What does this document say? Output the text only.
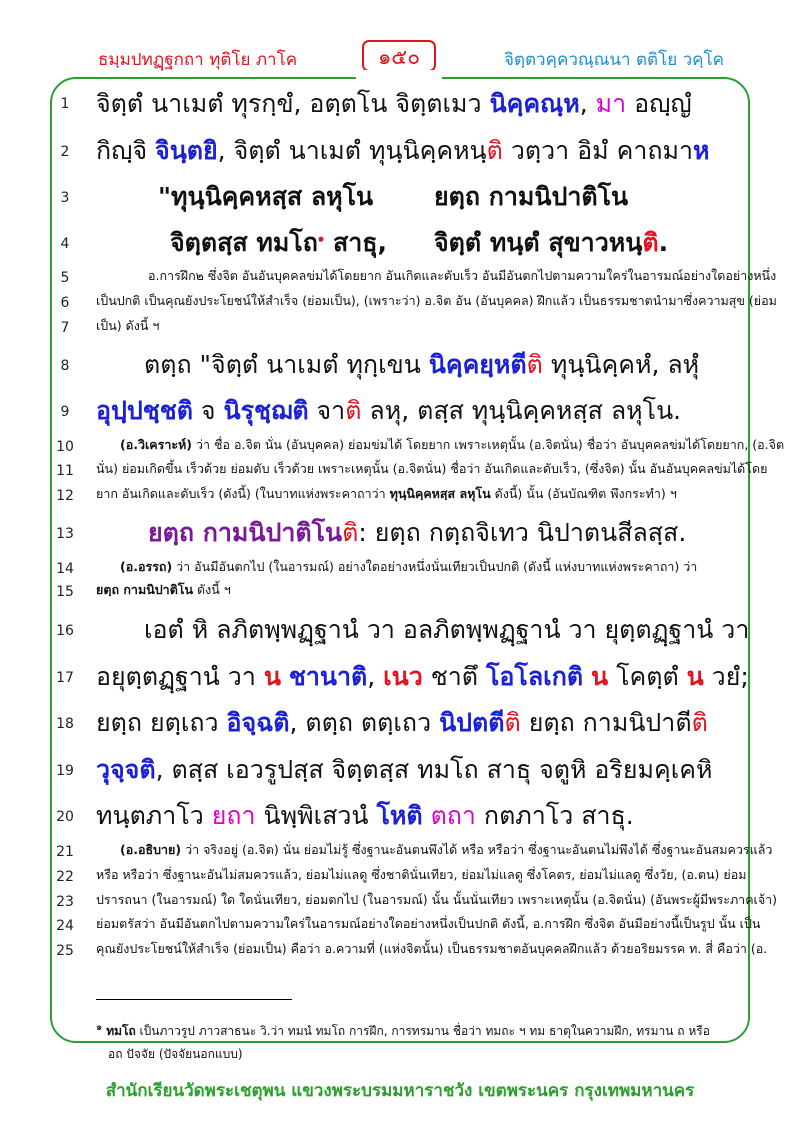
ธมฺมปทฏฺฐกถา ทุติโย ภาโค	๑๕๐	จิตฺตวคฺควณฺณนา ตติโย วคฺโค
1
2
3
4
5
6
7
8
9
10
11
12
13
14
15
16
17
18
19
20
21
22
23
24
25
จิตฺตํ นาเมตํ ทุรกฺขํ, อตฺตโน จิตฺตเมว นิคฺคณฺห, มา อญฺญํ
กิญฺจิ จินฺตยิ, จิตฺตํ นาเมตํ ทุนฺนิคฺคหนฺติ วตฺวา อิมํ คาถมาห
"ทุนฺนิคฺคหสฺส ลหุโน ยตฺถ กามนิปาติโน
จิตฺตสฺส ทมโถ$^๑$ สาธุ, จิตฺตํ ทนฺตํ สุขาวหนฺติ.
อ.การฝึก๒ ซึ่งจิต อันอันบุคคลข่มได้โดยยาก อันเกิดและดับเร็ว อันมีอันตกไปตามความใคร่ในอารมณ์อย่างใดอย่างหนึ่ง
เป็นปกติ เป็นคุณยังประโยชน์ให้สำเร็จ (ย่อมเป็น), (เพราะว่า) อ.จิต อัน (อันบุคคล) ฝึกแล้ว เป็นธรรมชาตนำมาซึ่งความสุข (ย่อม
เป็น) ดังนี้ ฯ
ตตฺถ "จิตฺตํ นาเมตํ ทุกฺเขน นิคฺคยฺหตีติ ทุนฺนิคฺคหํ, ลหุํ
อุปฺปชฺชติ จ นิรุชฺฌติ จาติ ลหุ, ตสฺส ทุนฺนิคฺคหสฺส ลหุโน.
(อ.วิเคราะห์) ว่า ชื่อ อ.จิต นั่น (อันบุคคล) ย่อมข่มได้ โดยยาก เพราะเหตุนั้น (อ.จิตนั่น) ชื่อว่า อันบุคคลข่มได้โดยยาก, (อ.จิต
นั่น) ย่อมเกิดขึ้น เร็วด้วย ย่อมดับ เร็วด้วย เพราะเหตุนั้น (อ.จิตนั่น) ชื่อว่า อันเกิดและดับเร็ว, (ซึ่งจิต) นั้น อันอันบุคคลข่มได้โดย
ยาก อันเกิดและดับเร็ว (ดังนี้) (ในบาทแห่งพระคาถาว่า ทุนฺนิคฺคหสฺส ลหุโน ดังนี้) นั้น (อันบัณฑิต พึงกระทำ) ฯ
ยตฺถ กามนิปาติโนติ: ยตฺถ กตฺถจิเทว นิปาตนสีลสฺส.
(อ.อรรถ) ว่า อันมีอันตกไป (ในอารมณ์) อย่างใดอย่างหนึ่งนั่นเทียวเป็นปกติ (ดังนี้ แห่งบาทแห่งพระคาถา) ว่า
ยตฺถ กามนิปาติโน ดังนี้ ฯ
เอตํ หิ ลภิตพฺพฏฺฐานํ วา อลภิตพฺพฏฺฐานํ วา ยุตฺตฏฺฐานํ วา
อยุตฺตฏฺฐานํ วา น ชานาติ, เนว ชาตึ โอโลเกติ น โคตฺตํ น วยํ;
ยตฺถ ยตฺเถว อิจฺฉติ, ตตฺถ ตตฺเถว นิปตตีติ ยตฺถ กามนิปาตีติ
วุจฺจติ, ตสฺส เอวรูปสฺส จิตฺตสฺส ทมโถ สาธุ จตูหิ อริยมคฺเคหิ
ทนฺตภาโว ยถา นิพฺพิเสวนํ โหติ ตถา กตภาโว สาธุ.
(อ.อธิบาย) ว่า จริงอยู่ (อ.จิต) นั่น ย่อมไม่รู้ ซึ่งฐานะอันตนพึงได้ หรือ หรือว่า ซึ่งฐานะอันตนไม่พึงได้ ซึ่งฐานะอันสมควรแล้ว
หรือ หรือว่า ซึ่งฐานะอันไม่สมควรแล้ว, ย่อมไม่แลดู ซึ่งชาตินั่นเทียว, ย่อมไม่แลดู ซึ่งโคตร, ย่อมไม่แลดู ซึ่งวัย, (อ.ตน) ย่อม
ปรารถนา (ในอารมณ์) ใด ใดนั่นเทียว, ย่อมตกไป (ในอารมณ์) นั้น นั้นนั่นเทียว เพราะเหตุนั้น (อ.จิตนั่น) (อันพระผู้มีพระภาคเจ้า)
ย่อมตรัสว่า อันมีอันตกไปตามความใคร่ในอารมณ์อย่างใดอย่างหนึ่งเป็นปกติ ดังนี้, อ.การฝึก ซึ่งจิต อันมีอย่างนี้เป็นรูป นั้น เป็น
คุณยังประโยชน์ให้สำเร็จ (ย่อมเป็น) คือว่า อ.ความที่ (แห่งจิตนั้น) เป็นธรรมชาตอันบุคคลฝึกแล้ว ด้วยอริยมรรค ท. สี่ คือว่า (อ.
$^๑$ ทมโถ เป็นภาวรูป ภาวสาธนะ วิ.ว่า ทมนํ ทมโถ การฝึก, การทรมาน ชื่อว่า ทมถะ ฯ ทม ธาตุในความฝึก, ทรมาน ถ หรือ
อถ ปัจจัย (ปัจจัยนอกแบบ)
สำนักเรียนวัดพระเชตุพน แขวงพระบรมมหาราชวัง เขตพระนคร กรุงเทพมหานคร
